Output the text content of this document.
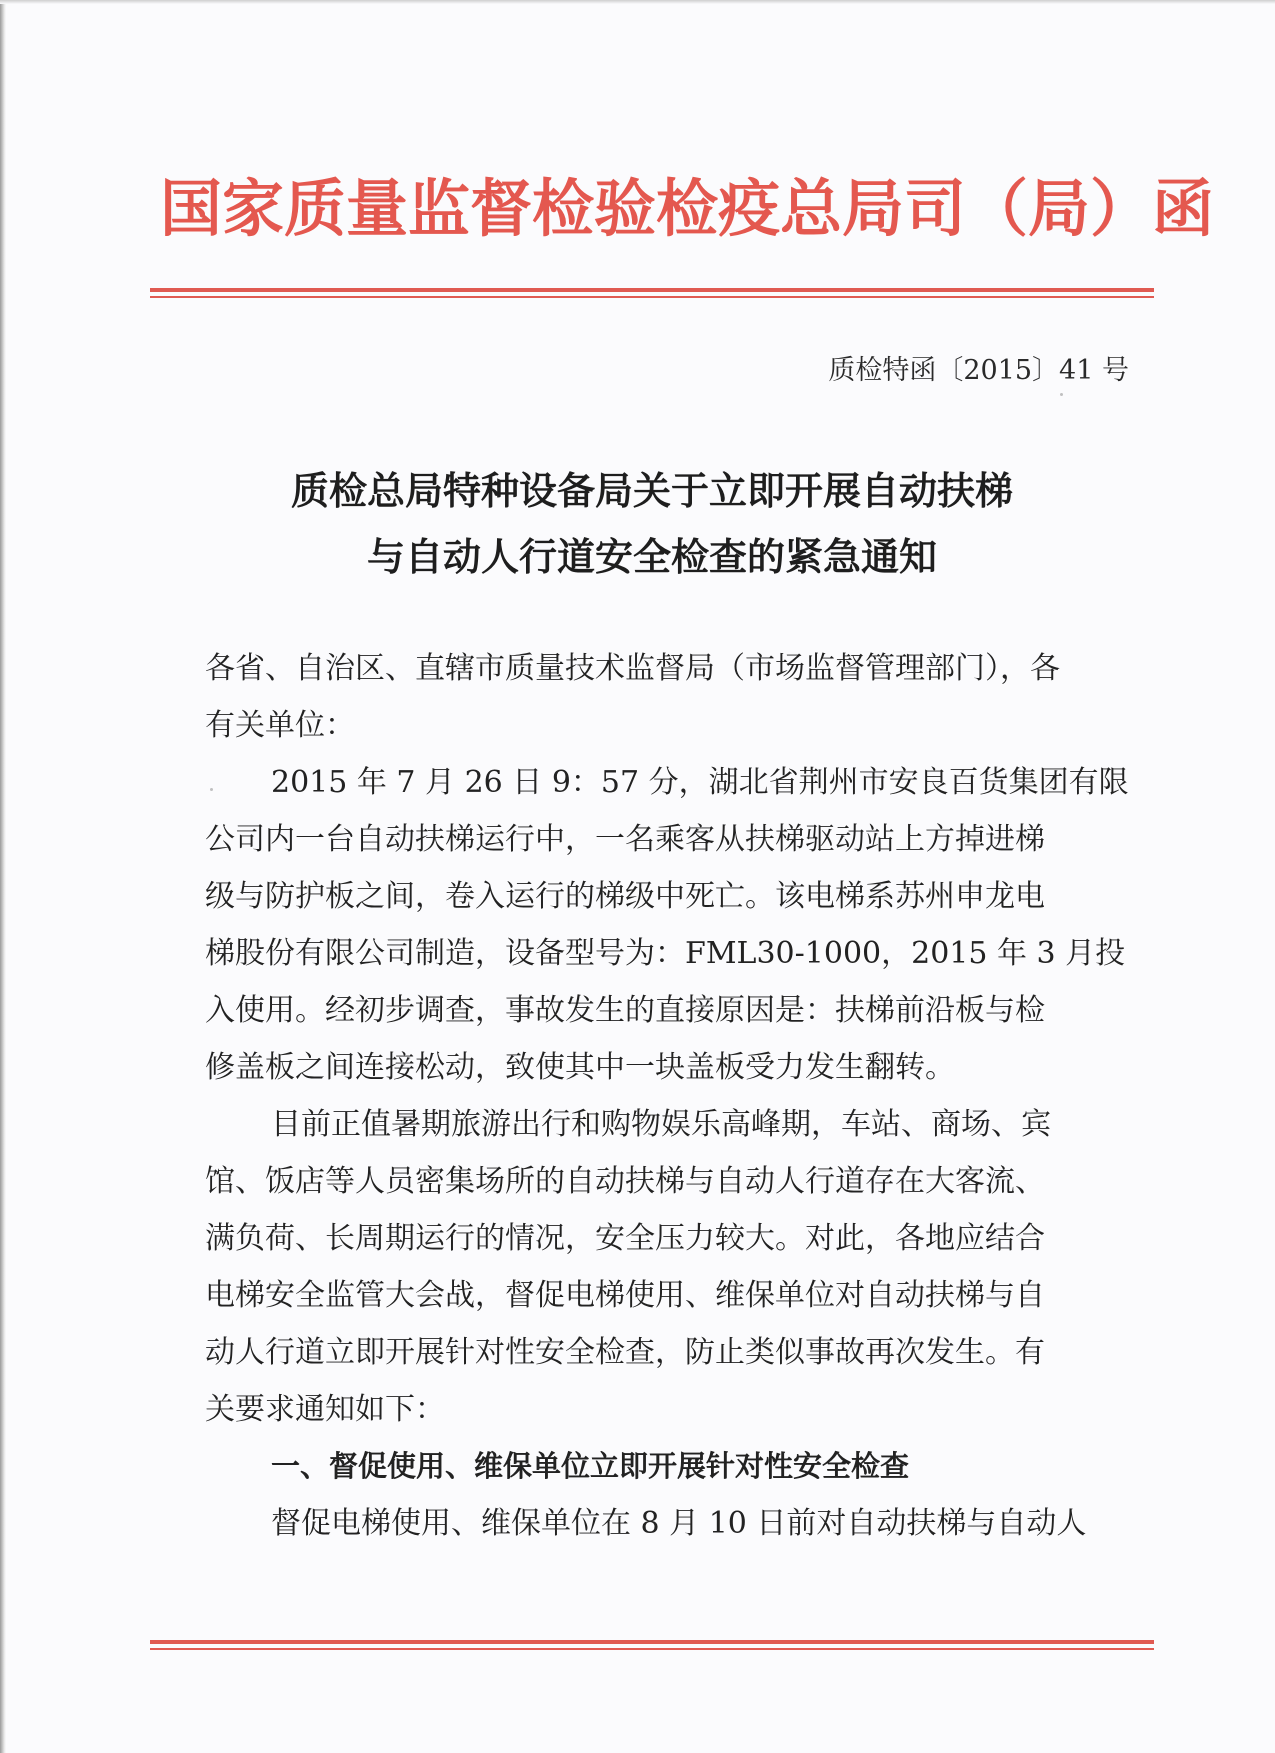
国家质量监督检验检疫总局司（局）函
质检特函〔2015〕41 号
质检总局特种设备局关于立即开展自动扶梯
与自动人行道安全检查的紧急通知
各省、自治区、直辖市质量技术监督局（市场监督管理部门），各
有关单位：
2015 年 7 月 26 日 9：57 分，湖北省荆州市安良百货集团有限
公司内一台自动扶梯运行中，一名乘客从扶梯驱动站上方掉进梯
级与防护板之间，卷入运行的梯级中死亡。该电梯系苏州申龙电
梯股份有限公司制造，设备型号为：FML30-1000，2015 年 3 月投
入使用。经初步调查，事故发生的直接原因是：扶梯前沿板与检
修盖板之间连接松动，致使其中一块盖板受力发生翻转。
目前正值暑期旅游出行和购物娱乐高峰期，车站、商场、宾
馆、饭店等人员密集场所的自动扶梯与自动人行道存在大客流、
满负荷、长周期运行的情况，安全压力较大。对此，各地应结合
电梯安全监管大会战，督促电梯使用、维保单位对自动扶梯与自
动人行道立即开展针对性安全检查，防止类似事故再次发生。有
关要求通知如下：
一、督促使用、维保单位立即开展针对性安全检查
督促电梯使用、维保单位在 8 月 10 日前对自动扶梯与自动人
